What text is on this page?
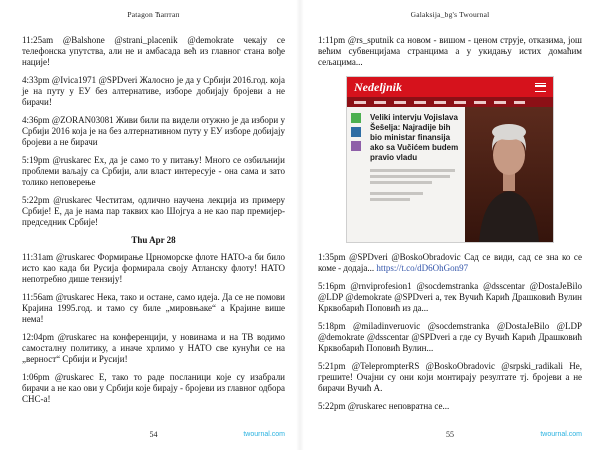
Patagon Ћаптап

11:25am @Balshone @strani_placenik @demokrate чекају се телефонска упутства, али не и амбасада већ из главног стана вође нације!

4:33pm @Ivica1971 @SPDveri Жалосно је да у Србији 2016.год. која је на путу у ЕУ без алтернативе, изборе добијају бројеви а не бирачи!

4:36pm @ZORAN03081 Живи били па видели отужно је да избори у Србији 2016 која је на без алтернативном путу у ЕУ изборе добијају бројеви а не бирачи

5:19pm @ruskarec Ех, да је само то у питању! Много се озбиљнији проблеми ваљају са Србији, али власт интересује - она сама и зато толико неповерење

5:22pm @ruskarec Честитам, одлично научена лекција из примеру Србије! Е, да је нама пар таквих као Шојгуа а не као пар премијер-председник Србије!

Thu Apr 28

11:31am @ruskarec Формирање Црноморске флоте НАТО-а би било исто као када би Русија формирала своју Атланску флоту! НАТО непотребно дише тензију!

11:56am @ruskarec Нека, тако и остане, само идеја. Да се не помови Крајина 1995.год. и тамо су биле „мировњаке“ а Крајине више нема!

12:04pm @ruskarec на конференцији, у новинама и на ТВ водимо самосталну политику, а иначе хрлимо у НАТО све кунући се на „верност“ Србији и Русији!

1:06pm @ruskarec Е, тако то раде посланици које су изабрали бирачи а не као ови у Србији које бирају - бројеви из главног одбора СНС-а!

54	twournal.com
Galaksija_bg's Twournal

1:11pm @rs_sputnik са новом - вишом - ценом струје, отказима, још већим субвенцијама странцима а у укидању истих домаћим сељацима...

Nedeljnik
Veliki intervju Vojislava Šešelja: Najradije bih bio ministar finansija ako sa Vučićem budem pravio vladu

1:35pm @SPDveri @BoskoObradovic Сад се види, сад се зна ко се коме - додаја... https://t.co/dD6OhGon97

5:16pm @rnviprofesion1 @socdemstranka @dsscentar @DostaJeBilo @LDP @demokrate @SPDveri а, тек Вучић Карић Драшковић Вулин Крквобарић Поповић из да...

5:18pm @miladinveruovic @socdemstranka @DostaJeBilo @LDP @demokrate @dsscentar @SPDveri а где су Вучић Карић Драшковић Крквобарић Поповић Вулин...

5:21pm @TeleprompterRS @BoskoObradovic @srpski_radikali Не, грешите! Очајни су они који монтирају резултате тј. бројеви а не бирачи Вучић А.

5:22pm @ruskarec неповратна се...

55	twournal.com
